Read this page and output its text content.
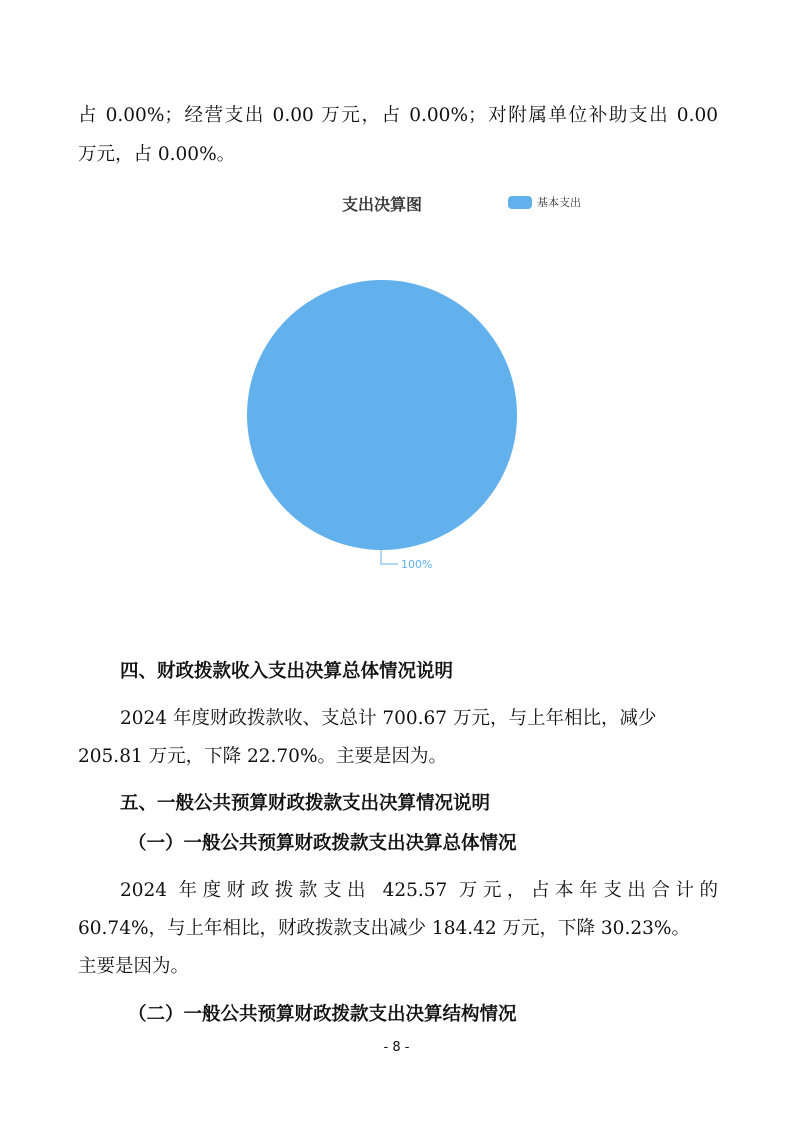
占 0.00%；经营支出 0.00 万元，占 0.00%；对附属单位补助支出 0.00
万元，占 0.00%。
支出决算图	基本支出
100%
四、财政拨款收入支出决算总体情况说明
2024 年度财政拨款收、支总计 700.67 万元，与上年相比，减少
205.81 万元，下降 22.70%。主要是因为。
五、一般公共预算财政拨款支出决算情况说明
（一）一般公共预算财政拨款支出决算总体情况
2024 年度财政拨款支出 425.57 万元，占本年支出合计的
60.74%，与上年相比，财政拨款支出减少 184.42 万元，下降 30.23%。
主要是因为。
（二）一般公共预算财政拨款支出决算结构情况
- 8 -
